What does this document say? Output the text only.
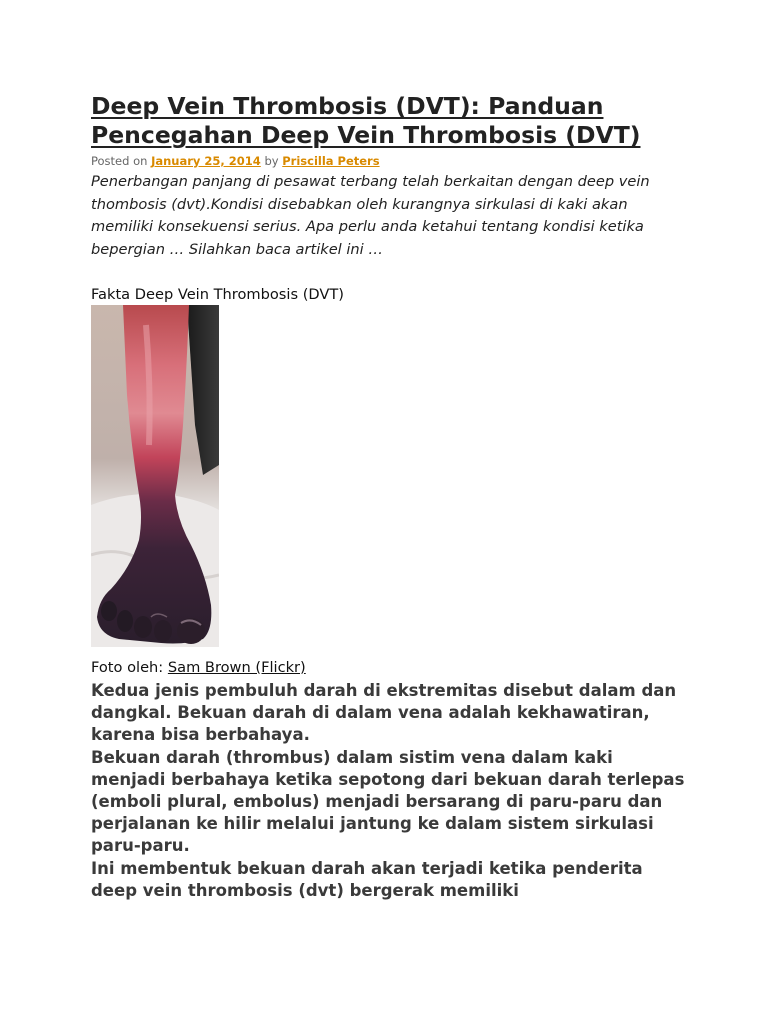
Deep Vein Thrombosis (DVT): Panduan Pencegahan Deep Vein Thrombosis (DVT)
Posted on January 25, 2014 by Priscilla Peters
Penerbangan panjang di pesawat terbang telah berkaitan dengan deep vein thombosis (dvt).Kondisi disebabkan oleh kurangnya sirkulasi di kaki akan memiliki konsekuensi serius. Apa perlu anda ketahui tentang kondisi ketika bepergian … Silahkan baca artikel ini …
Fakta Deep Vein Thrombosis (DVT)
Foto oleh: Sam Brown (Flickr)

Kedua jenis pembuluh darah di ekstremitas disebut dalam dan dangkal. Bekuan darah di dalam vena adalah kekhawatiran, karena bisa berbahaya.

Bekuan darah (thrombus) dalam sistim vena dalam kaki menjadi berbahaya ketika sepotong dari bekuan darah terlepas (emboli plural, embolus) menjadi bersarang di paru-paru dan perjalanan ke hilir melalui jantung ke dalam sistem sirkulasi paru-paru.

Ini membentuk bekuan darah akan terjadi ketika penderita deep vein thrombosis (dvt) bergerak memiliki
